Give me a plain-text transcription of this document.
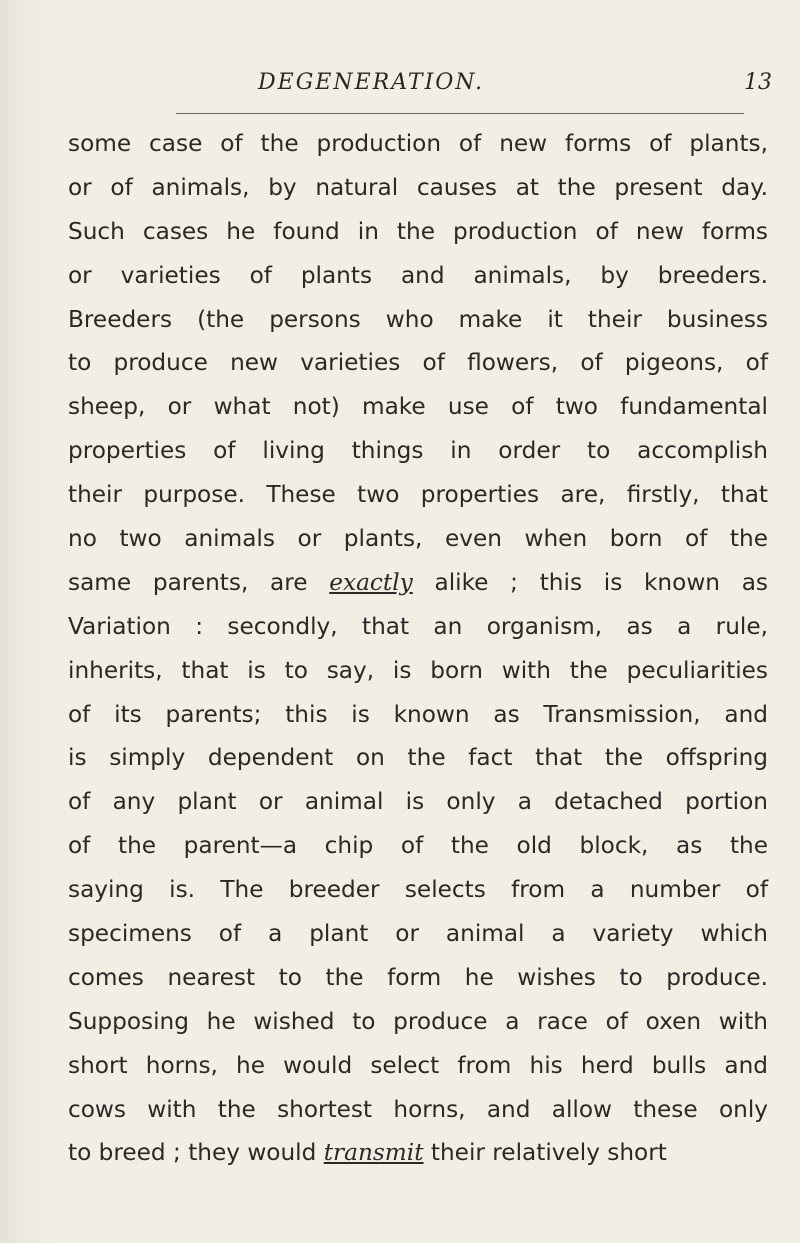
DEGENERATION.	13
some case of the production of new forms of plants,
or of animals, by natural causes at the present day.
Such cases he found in the production of new forms
or varieties of plants and animals, by breeders.
Breeders (the persons who make it their business
to produce new varieties of flowers, of pigeons, of
sheep, or what not) make use of two fundamental
properties of living things in order to accomplish
their purpose. These two properties are, firstly, that
no two animals or plants, even when born of the
same parents, are exactly alike ; this is known as
Variation : secondly, that an organism, as a rule,
inherits, that is to say, is born with the peculiarities
of its parents; this is known as Transmission, and
is simply dependent on the fact that the offspring
of any plant or animal is only a detached portion
of the parent—a chip of the old block, as the
saying is. The breeder selects from a number of
specimens of a plant or animal a variety which
comes nearest to the form he wishes to produce.
Supposing he wished to produce a race of oxen with
short horns, he would select from his herd bulls and
cows with the shortest horns, and allow these only
to breed ; they would transmit their relatively short
